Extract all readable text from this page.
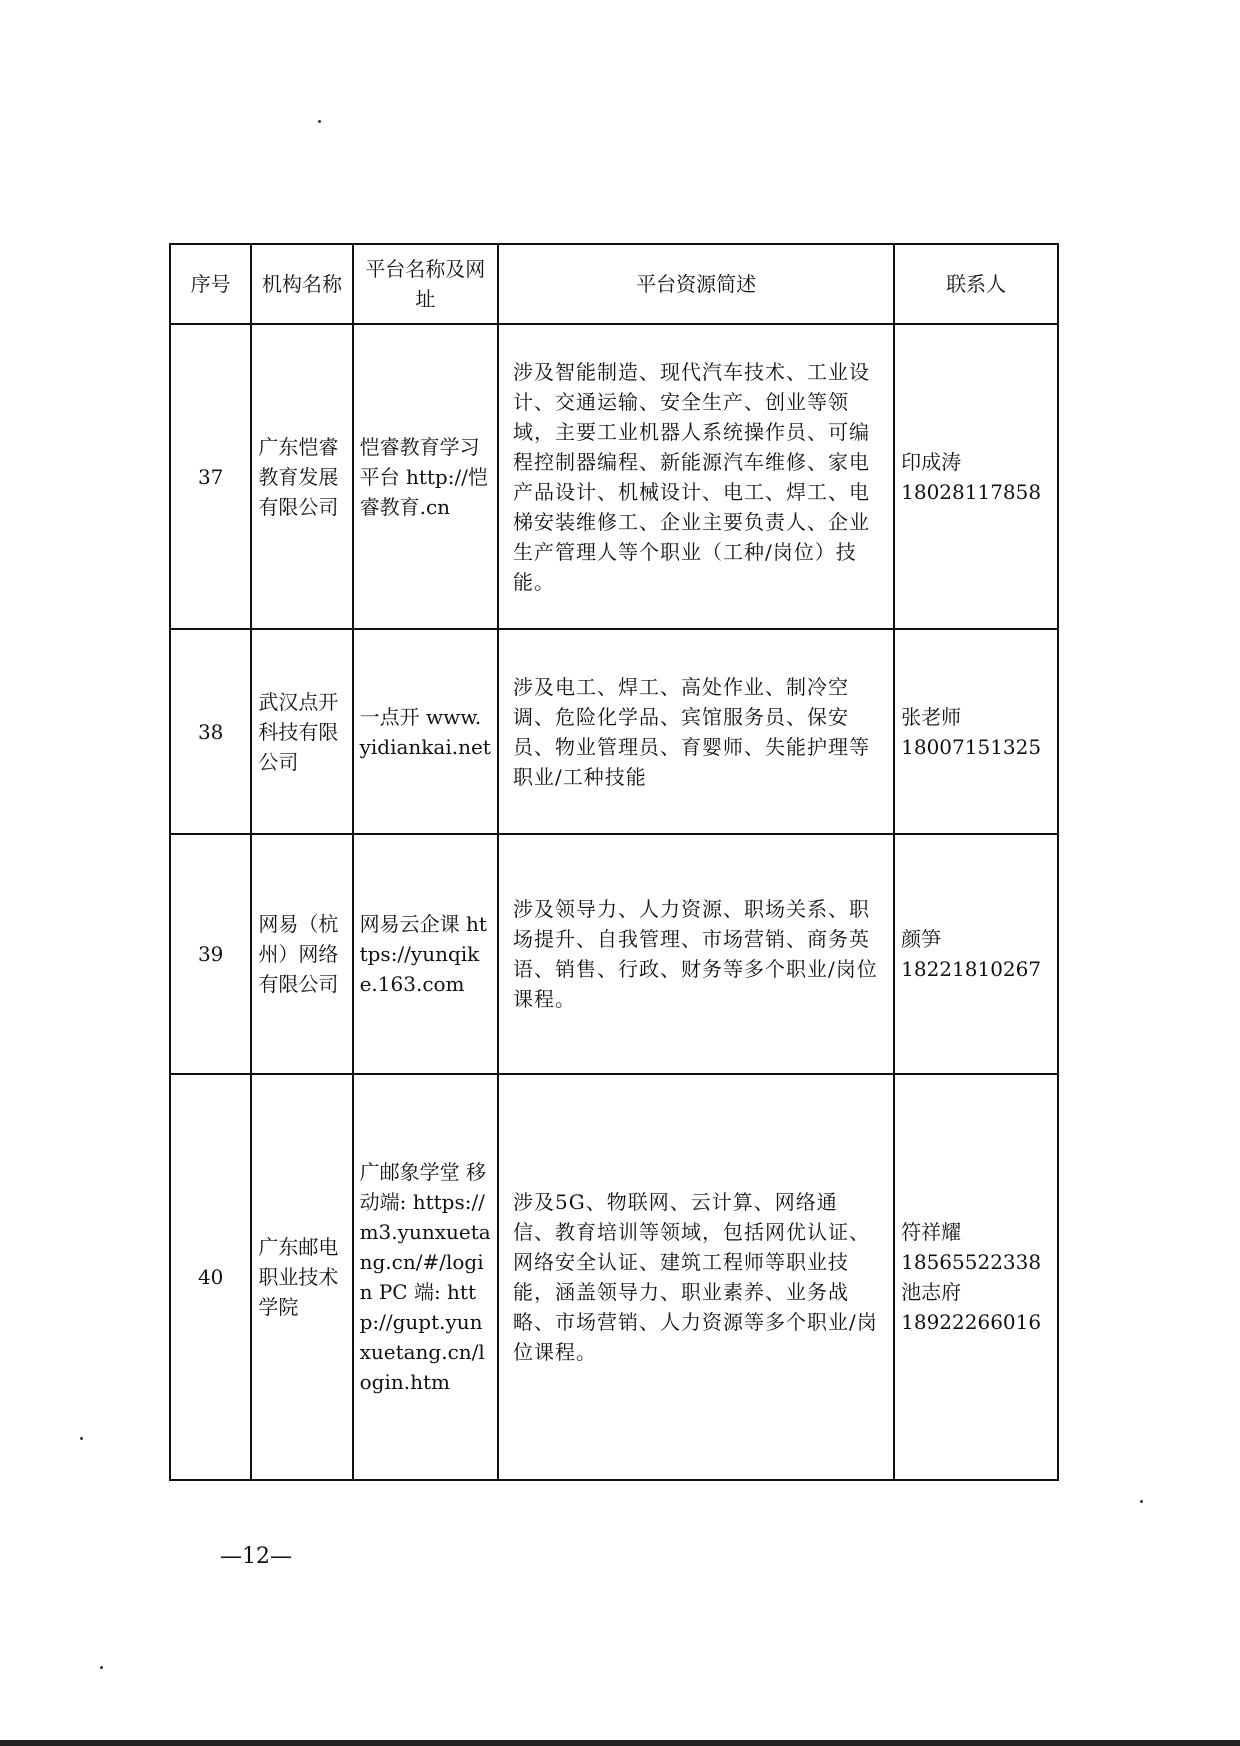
序号	机构名称	平台名称及网址	平台资源简述	联系人
37	广东恺睿教育发展有限公司	恺睿教育学习平台 http://恺睿教育.cn	涉及智能制造、现代汽车技术、工业设计、交通运输、安全生产、创业等领域，主要工业机器人系统操作员、可编程控制器编程、新能源汽车维修、家电产品设计、机械设计、电工、焊工、电梯安装维修工、企业主要负责人、企业生产管理人等个职业（工种/岗位）技能。	印成涛
18028117858

38	武汉点开科技有限公司	一点开 www.yidiankai.net	涉及电工、焊工、高处作业、制冷空调、危险化学品、宾馆服务员、保安员、物业管理员、育婴师、失能护理等职业/工种技能	张老师
18007151325

39	网易（杭州）网络有限公司	网易云企课 https://yunqike.163.com	涉及领导力、人力资源、职场关系、职场提升、自我管理、市场营销、商务英语、销售、行政、财务等多个职业/岗位课程。	颜笋
18221810267

40	广东邮电职业技术学院	广邮象学堂 移动端: https://m3.yunxuetang.cn/#/login PC 端: http://gupt.yunxuetang.cn/login.htm	涉及5G、物联网、云计算、网络通信、教育培训等领域，包括网优认证、网络安全认证、建筑工程师等职业技能，涵盖领导力、职业素养、业务战略、市场营销、人力资源等多个职业/岗位课程。	符祥耀
18565522338
池志府
18922266016
—12—
